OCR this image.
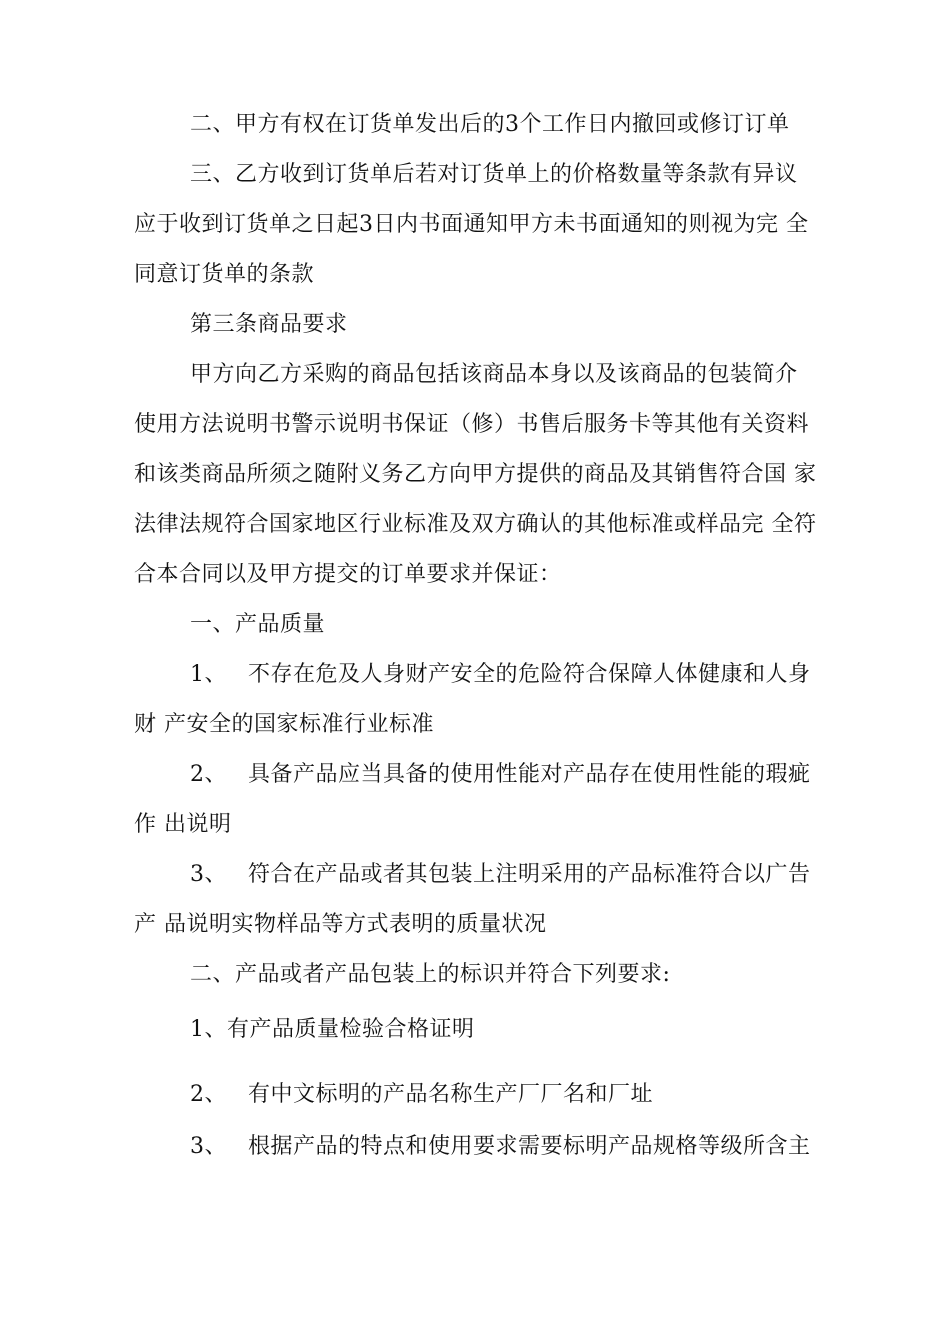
二、甲方有权在订货单发出后的3个工作日内撤回或修订订单
三、乙方收到订货单后若对订货单上的价格数量等条款有异议
应于收到订货单之日起3日内书面通知甲方未书面通知的则视为完 全
同意订货单的条款
第三条商品要求
甲方向乙方采购的商品包括该商品本身以及该商品的包装简介
使用方法说明书警示说明书保证（修）书售后服务卡等其他有关资料
和该类商品所须之随附义务乙方向甲方提供的商品及其销售符合国 家
法律法规符合国家地区行业标准及双方确认的其他标准或样品完 全符
合本合同以及甲方提交的订单要求并保证：
一、产品质量
1、 不存在危及人身财产安全的危险符合保障人体健康和人身
财 产安全的国家标准行业标准
2、 具备产品应当具备的使用性能对产品存在使用性能的瑕疵
作 出说明
3、 符合在产品或者其包装上注明采用的产品标准符合以广告
产 品说明实物样品等方式表明的质量状况
二、产品或者产品包装上的标识并符合下列要求:
1、有产品质量检验合格证明
2、 有中文标明的产品名称生产厂厂名和厂址
3、 根据产品的特点和使用要求需要标明产品规格等级所含主
